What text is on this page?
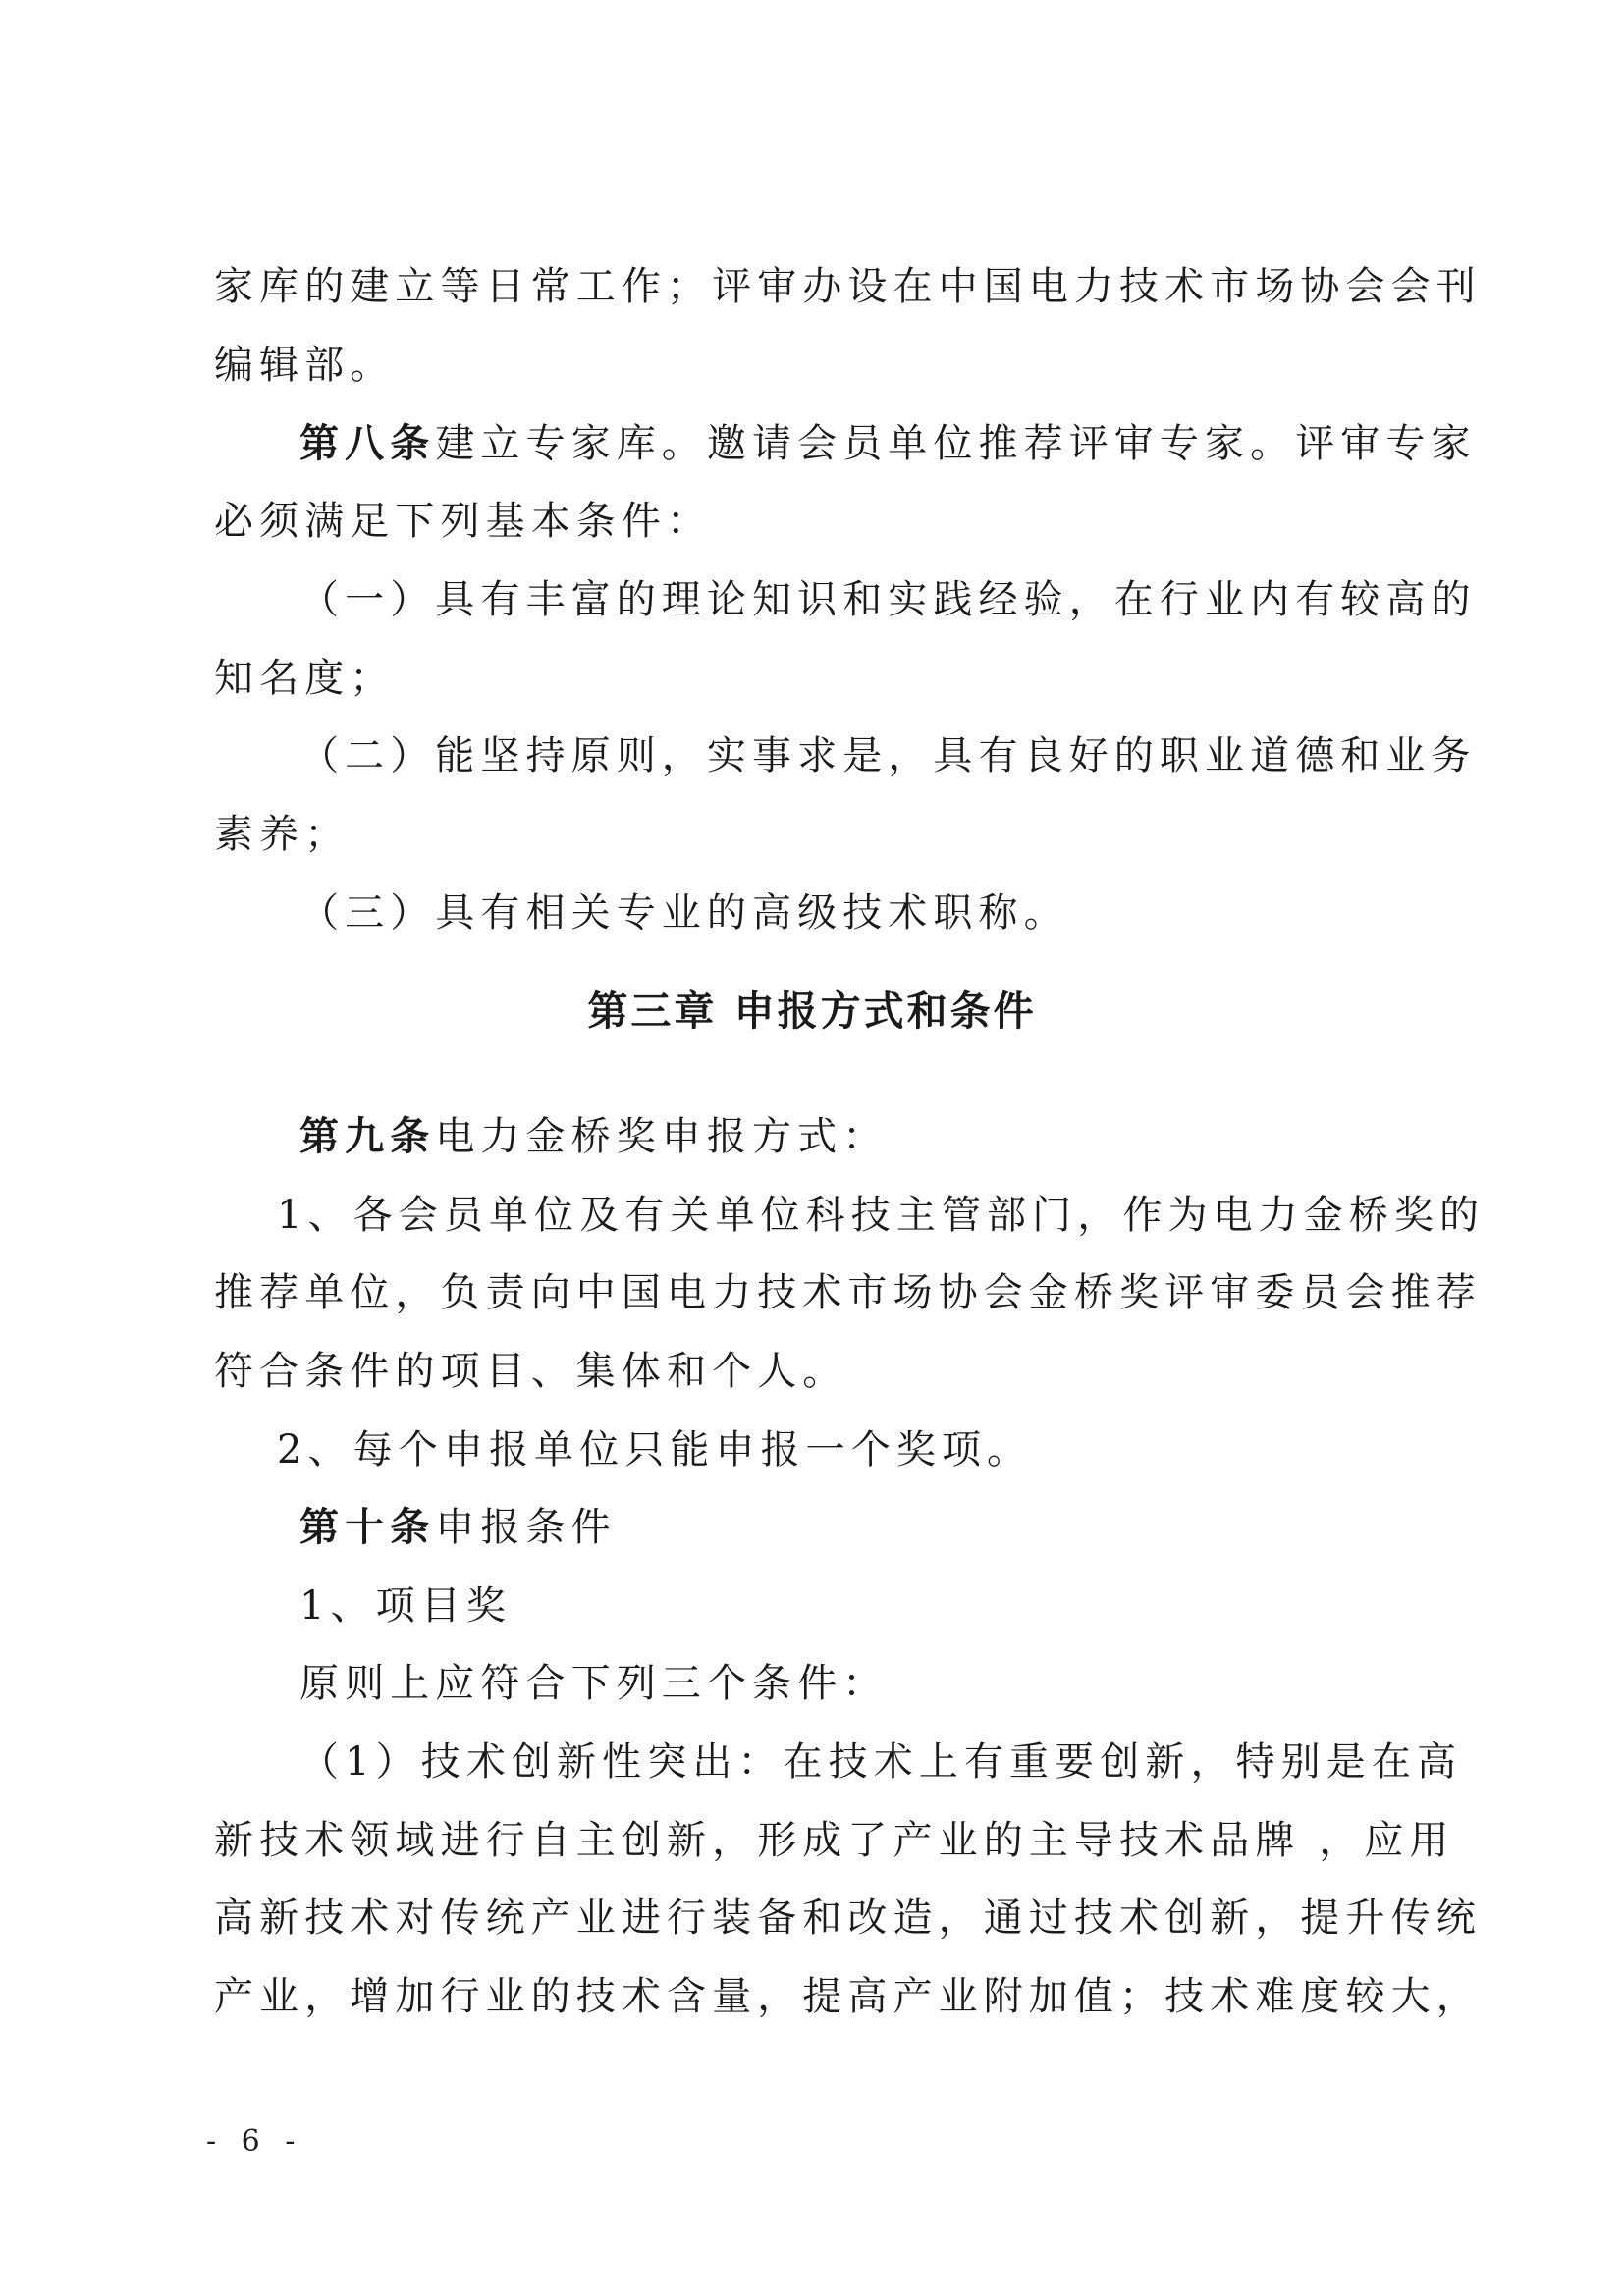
家库的建立等日常工作；评审办设在中国电力技术市场协会会刊
编辑部。
第八条建立专家库。邀请会员单位推荐评审专家。评审专家
必须满足下列基本条件：
（一）具有丰富的理论知识和实践经验，在行业内有较高的
知名度；
（二）能坚持原则，实事求是，具有良好的职业道德和业务
素养；
（三）具有相关专业的高级技术职称。
第三章 申报方式和条件
第九条电力金桥奖申报方式：
1、各会员单位及有关单位科技主管部门，作为电力金桥奖的
推荐单位，负责向中国电力技术市场协会金桥奖评审委员会推荐
符合条件的项目、集体和个人。
2、每个申报单位只能申报一个奖项。
第十条申报条件
1、项目奖
原则上应符合下列三个条件：
（1）技术创新性突出：在技术上有重要创新，特别是在高
新技术领域进行自主创新，形成了产业的主导技术品牌 ，应用
高新技术对传统产业进行装备和改造，通过技术创新，提升传统
产业，增加行业的技术含量，提高产业附加值；技术难度较大，
- 6 -
